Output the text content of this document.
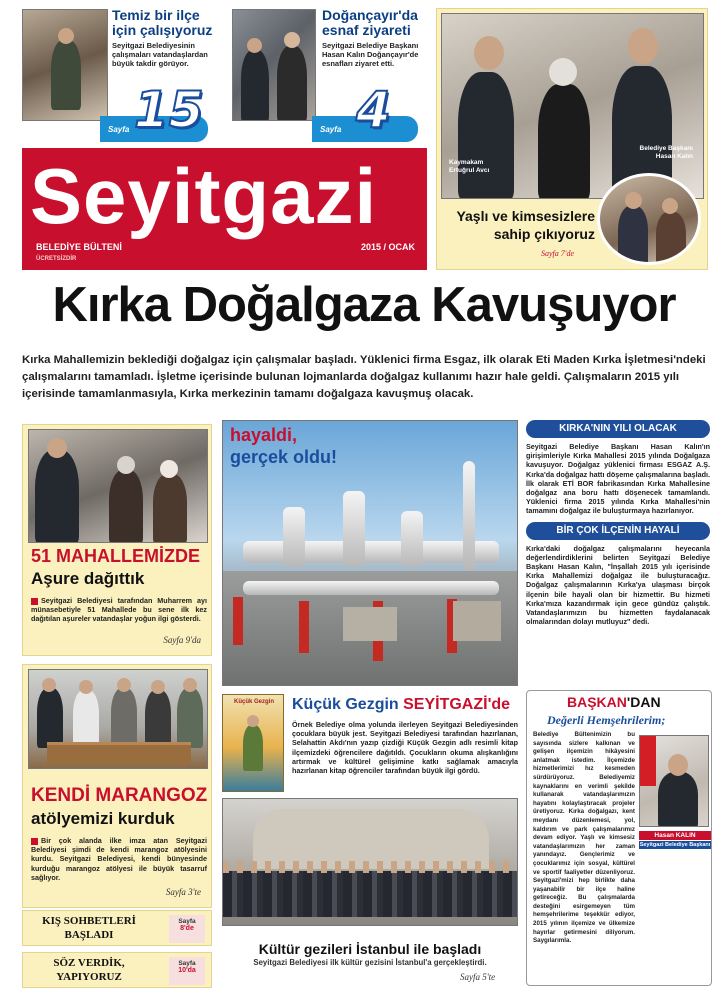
Temiz bir ilçe için çalışıyoruz
Seyitgazi Belediyesinin çalışmaları vatandaşlardan büyük takdir görüyor.
Sayfa 15
Doğançayır'da esnaf ziyareti
Seyitgazi Belediye Başkanı Hasan Kalın Doğançayır'de esnafları ziyaret etti.
Sayfa 4
Seyitgazi
BELEDİYE BÜLTENİ	2015 / OCAK
ÜCRETSİZDİR
Kaymakam Ertuğrul Avcı
Belediye Başkanı Hasan Kalın
Yaşlı ve kimsesizlere sahip çıkıyoruz
Sayfa 7'de
Kırka Doğalgaza Kavuşuyor
Kırka Mahallemizin beklediği doğalgaz için çalışmalar başladı. Yüklenici firma Esgaz, ilk olarak Eti Maden Kırka İşletmesi'ndeki çalışmalarını tamamladı. İşletme içerisinde bulunan lojmanlarda doğalgaz kullanımı hazır hale geldi. Çalışmaların 2015 yılı içerisinde tamamlanmasıyla, Kırka merkezinin tamamı doğalgaza kavuşmuş olacak.
51 MAHALLEMİZDE
Aşure dağıttık
Seyitgazi Belediyesi tarafından Muharrem ayı münasebetiyle 51 Mahallede bu sene ilk kez dağıtılan aşureler vatandaşlar yoğun ilgi gösterdi.
Sayfa 9'da
hayaldi,
gerçek oldu!
KIRKA'NIN YILI OLACAK
Seyitgazi Belediye Başkanı Hasan Kalın'ın girişimleriyle Kırka Mahallesi 2015 yılında Doğalgaza kavuşuyor. Doğalgaz yüklenici firması ESGAZ A.Ş. Kırka'da doğalgaz hattı döşeme çalışmalarına başladı. İlk olarak ETİ BOR fabrikasından Kırka Mahallesine doğalgaz ana boru hattı döşenecek tamamlandı. Yüklenici firma 2015 yılında Kırka Mahallesi'nin tamamını doğalgaz ile buluşturmaya hazırlanıyor.
BİR ÇOK İLÇENİN HAYALİ
Kırka'daki doğalgaz çalışmalarını heyecanla değerlendirdiklerini belirten Seyitgazi Belediye Başkanı Hasan Kalın, "İnşallah 2015 yılı içerisinde Kırka Mahallemizi doğalgaz ile buluşturacağız. Doğalgaz çalışmalarının Kırka'ya ulaşması birçok ilçenin bile hayali olan bir hizmettir. Bu hizmeti Kırka'mıza kazandırmak için gece gündüz çalıştık. Vatandaşlarımızın bu hizmetten faydalanacak olmalarından dolayı mutluyuz" dedi.
Küçük Gezgin	Küçük Gezgin SEYİTGAZİ'de
Örnek Belediye olma yolunda ilerleyen Seyitgazi Belediyesinden çocuklara büyük jest. Seyitgazi Belediyesi tarafından hazırlanan, Selahattin Akdı'nın yazıp çizdiği Küçük Gezgin adlı resimli kitap ilçemizdeki öğrencilere dağıtıldı. Çocukların okuma alışkanlığını artırmak ve kültürel gelişimine katkı sağlamak amacıyla hazırlanan kitap öğrenciler tarafından büyük ilgi gördü.
Kültür gezileri İstanbul ile başladı
Seyitgazi Belediyesi ilk kültür gezisini İstanbul'a gerçekleştirdi.
Sayfa 5'te
BAŞKAN'DAN
Değerli Hemşehrilerim;
Hasan KALIN
Seyitgazi Belediye Başkanı
Belediye Bültenimizin bu sayısında sizlere kalkınan ve gelişen ilçemizin hikâyesini anlatmak istedim. İlçemizde hizmetlerimizi hız kesmeden sürdürüyoruz. Belediyemiz kaynaklarını en verimli şekilde kullanarak vatandaşlarımızın hayatını kolaylaştıracak projeler üretiyoruz. Kırka doğalgazı, kent meydanı düzenlemesi, yol, kaldırım ve park çalışmalarımız devam ediyor. Yaşlı ve kimsesiz vatandaşlarımızın her zaman yanındayız. Gençlerimiz ve çocuklarımız için sosyal, kültürel ve sportif faaliyetler düzenliyoruz. Seyitgazi'mizi hep birlikte daha yaşanabilir bir ilçe haline getireceğiz. Bu çalışmalarda desteğini esirgemeyen tüm hemşehrilerime teşekkür ediyor, 2015 yılının ilçemize ve ülkemize hayırlar getirmesini diliyorum. Saygılarımla.
KENDİ MARANGOZ
atölyemizi kurduk
Bir çok alanda ilke imza atan Seyitgazi Belediyesi şimdi de kendi marangoz atölyesini kurdu. Seyitgazi Belediyesi, kendi bünyesinde kurduğu marangoz atölyesi ile büyük tasarruf sağlıyor.
Sayfa 3'te
KIŞ SOHBETLERİ BAŞLADI
Sayfa
8'de
SÖZ VERDİK, YAPIYORUZ
Sayfa
10'da
